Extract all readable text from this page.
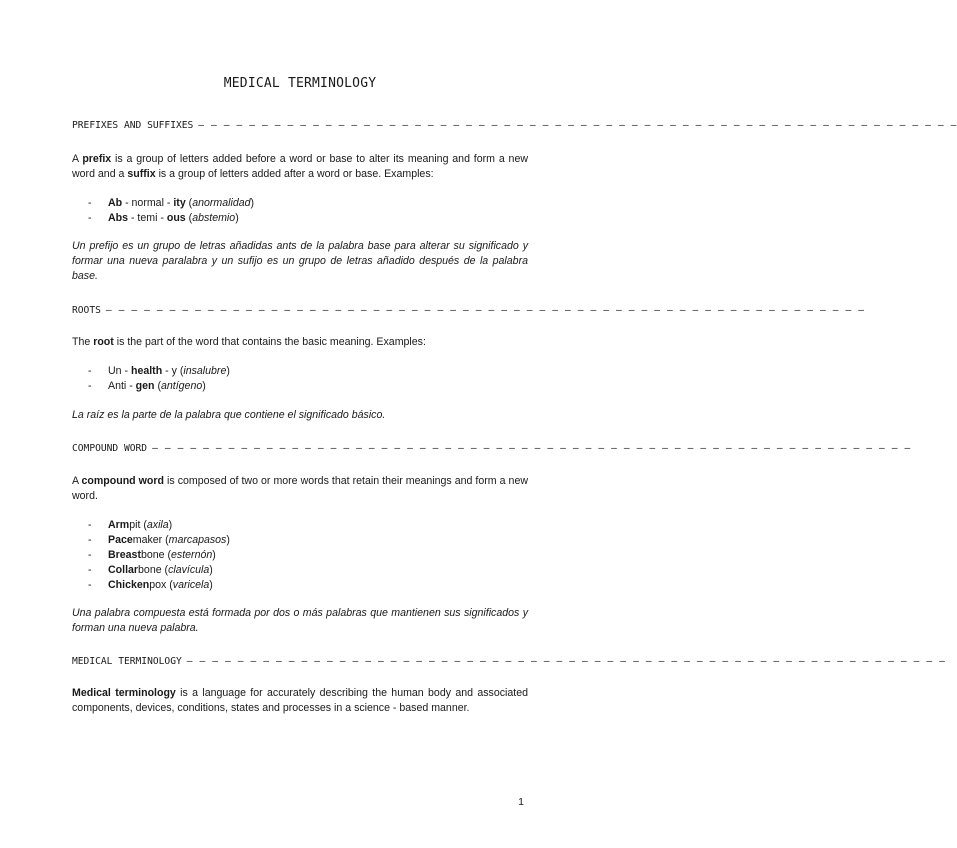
MEDICAL TERMINOLOGY
PREFIXES AND SUFFIXES – – – – – – – – – – – – – – – – – – – – – – – – – – – – – – – – – – – – – – – – – – – – – – – – – – – – – – – – – – – –

A prefix is a group of letters added before a word or base to alter its meaning and form a new word and a suffix is a group of letters added after a word or base. Examples:

- Ab - normal - ity (anormalidad)
- Abs - temi - ous (abstemio)

Un prefijo es un grupo de letras añadidas ants de la palabra base para alterar su significado y formar una nueva paralabra y un sufijo es un grupo de letras añadido después de la palabra base.

ROOTS – – – – – – – – – – – – – – – – – – – – – – – – – – – – – – – – – – – – – – – – – – – – – – – – – – – – – – – – – – – –

The root is the part of the word that contains the basic meaning. Examples:

- Un - health - y (insalubre)
- Anti - gen (antígeno)

La raíz es la parte de la palabra que contiene el significado básico.

COMPOUND WORD – – – – – – – – – – – – – – – – – – – – – – – – – – – – – – – – – – – – – – – – – – – – – – – – – – – – – – – – – – – –

A compound word is composed of two or more words that retain their meanings and form a new word.

- Armpit (axila)
- Pacemaker (marcapasos)
- Breastbone (esternón)
- Collarbone (clavícula)
- Chickenpox (varicela)

Una palabra compuesta está formada por dos o más palabras que mantienen sus significados y forman una nueva palabra.

MEDICAL TERMINOLOGY – – – – – – – – – – – – – – – – – – – – – – – – – – – – – – – – – – – – – – – – – – – – – – – – – – – – – – – – – – – –

Medical terminology is a language for accurately describing the human body and associated components, devices, conditions, states and processes in a science - based manner.

1
